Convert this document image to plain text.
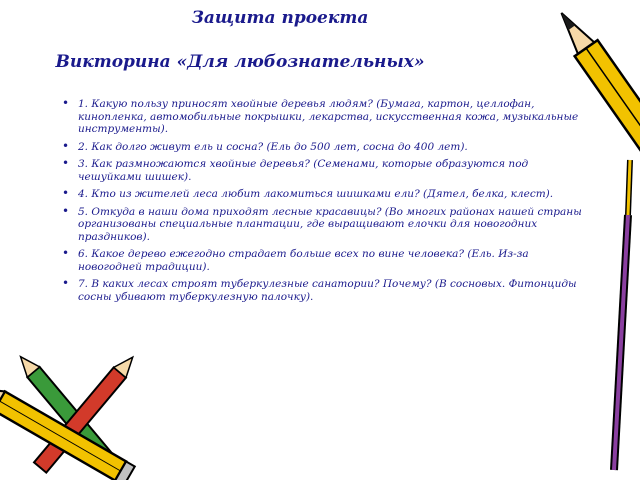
Защита проекта
Викторина «Для любознательных»
• 1. Какую пользу приносят хвойные деревья людям? (Бумага, картон, целлофан, кинопленка, автомобильные покрышки, лекарства, искусственная кожа, музыкальные инструменты).
• 2. Как долго живут ель и сосна? (Ель до 500 лет, сосна до 400 лет).
• 3. Как размножаются хвойные деревья? (Семенами, которые образуются под чешуйками шишек).
• 4. Кто из жителей леса любит лакомиться шишками ели? (Дятел, белка, клест).
• 5. Откуда в наши дома приходят лесные красавицы? (Во многих районах нашей страны организованы специальные плантации, где выращивают елочки для новогодних праздников).
• 6. Какое дерево ежегодно страдает больше всех по вине человека? (Ель. Из-за новогодней традиции).
• 7. В каких лесах строят туберкулезные санатории? Почему? (В сосновых. Фитонциды сосны убивают туберкулезную палочку).
